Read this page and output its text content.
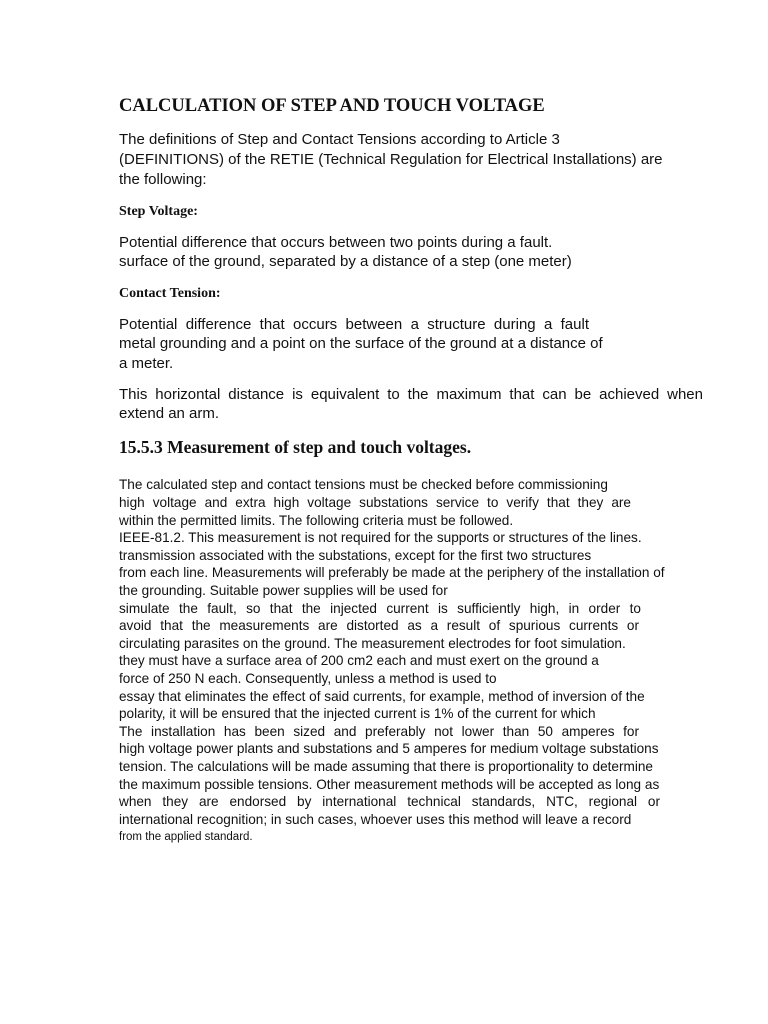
CALCULATION OF STEP AND TOUCH VOLTAGE
The definitions of Step and Contact Tensions according to Article 3
(DEFINITIONS) of the RETIE (Technical Regulation for Electrical Installations) are
the following:
Step Voltage:
Potential difference that occurs between two points during a fault.
surface of the ground, separated by a distance of a step (one meter)
Contact Tension:
Potential difference that occurs between a structure during a fault
metal grounding and a point on the surface of the ground at a distance of
a meter.
This horizontal distance is equivalent to the maximum that can be achieved when
extend an arm.
15.5.3 Measurement of step and touch voltages.
The calculated step and contact tensions must be checked before commissioning
high voltage and extra high voltage substations service to verify that they are
within the permitted limits. The following criteria must be followed.
IEEE-81.2. This measurement is not required for the supports or structures of the lines.
transmission associated with the substations, except for the first two structures
from each line. Measurements will preferably be made at the periphery of the installation of
the grounding. Suitable power supplies will be used for
simulate the fault, so that the injected current is sufficiently high, in order to
avoid that the measurements are distorted as a result of spurious currents or
circulating parasites on the ground. The measurement electrodes for foot simulation.
they must have a surface area of 200 cm2 each and must exert on the ground a
force of 250 N each. Consequently, unless a method is used to
essay that eliminates the effect of said currents, for example, method of inversion of the
polarity, it will be ensured that the injected current is 1% of the current for which
The installation has been sized and preferably not lower than 50 amperes for
high voltage power plants and substations and 5 amperes for medium voltage substations
tension. The calculations will be made assuming that there is proportionality to determine
the maximum possible tensions. Other measurement methods will be accepted as long as
when they are endorsed by international technical standards, NTC, regional or
international recognition; in such cases, whoever uses this method will leave a record
from the applied standard.
